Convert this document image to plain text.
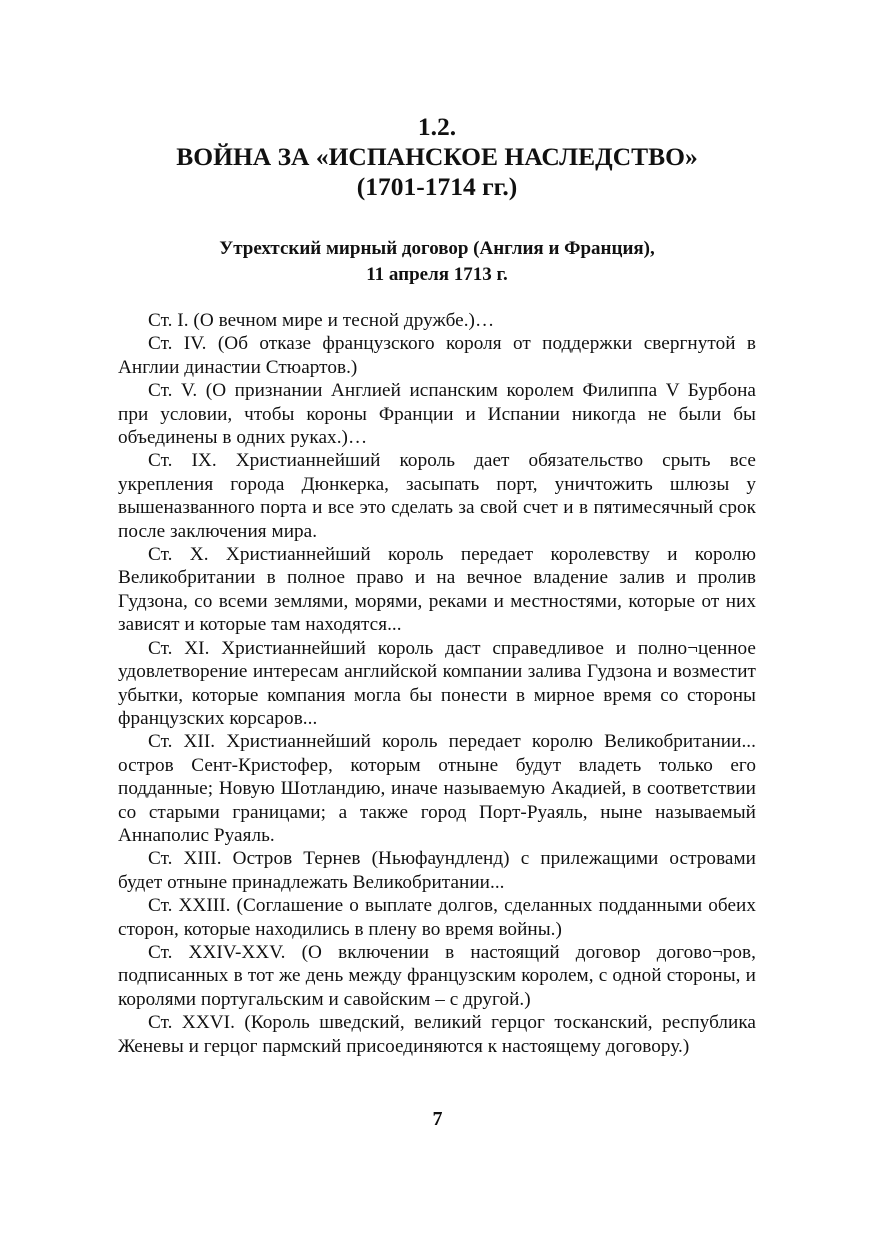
1.2.

ВОЙНА ЗА «ИСПАНСКОЕ НАСЛЕДСТВО»

(1701-1714 гг.)

Утрехтский мирный договор (Англия и Франция),
11 апреля 1713 г.

Ст. I. (О вечном мире и тесной дружбе.)…

Ст. IV. (Об отказе французского короля от поддержки свергнутой в Англии династии Стюартов.)

Ст. V. (О признании Англией испанским королем Филиппа V Бурбона при условии, чтобы короны Франции и Испании никогда не были бы объединены в одних руках.)…

Ст. IX. Христианнейший король дает обязательство срыть все укрепления города Дюнкерка, засыпать порт, уничтожить шлюзы у вышеназванного порта и все это сделать за свой счет и в пятимесячный срок после заключения мира.

Ст. X. Христианнейший король передает королевству и королю Великобритании в полное право и на вечное владение залив и пролив Гудзона, со всеми землями, морями, реками и местностями, которые от них зависят и которые там находятся...

Ст. XI. Христианнейший король даст справедливое и полно¬ценное удовлетворение интересам английской компании залива Гудзона и возместит убытки, которые компания могла бы понести в мирное время со стороны французских корсаров...

Ст. XII. Христианнейший король передает королю Великобритании... остров Сент-Кристофер, которым отныне будут владеть только его подданные; Новую Шотландию, иначе называемую Акадией, в соответствии со старыми границами; а также город Порт-Руаяль, ныне называемый Аннаполис Руаяль.

Ст. XIII. Остров Тернев (Ньюфаундленд) с прилежащими островами будет отныне принадлежать Великобритании...

Ст. XXIII. (Соглашение о выплате долгов, сделанных подданными обеих сторон, которые находились в плену во время войны.)

Ст. XXIV-XXV. (О включении в настоящий договор догово¬ров, подписанных в тот же день между французским королем, с одной стороны, и королями португальским и савойским – с другой.)

Ст. XXVI. (Король шведский, великий герцог тосканский, республика Женевы и герцог пармский присоединяются к настоящему договору.)

7
